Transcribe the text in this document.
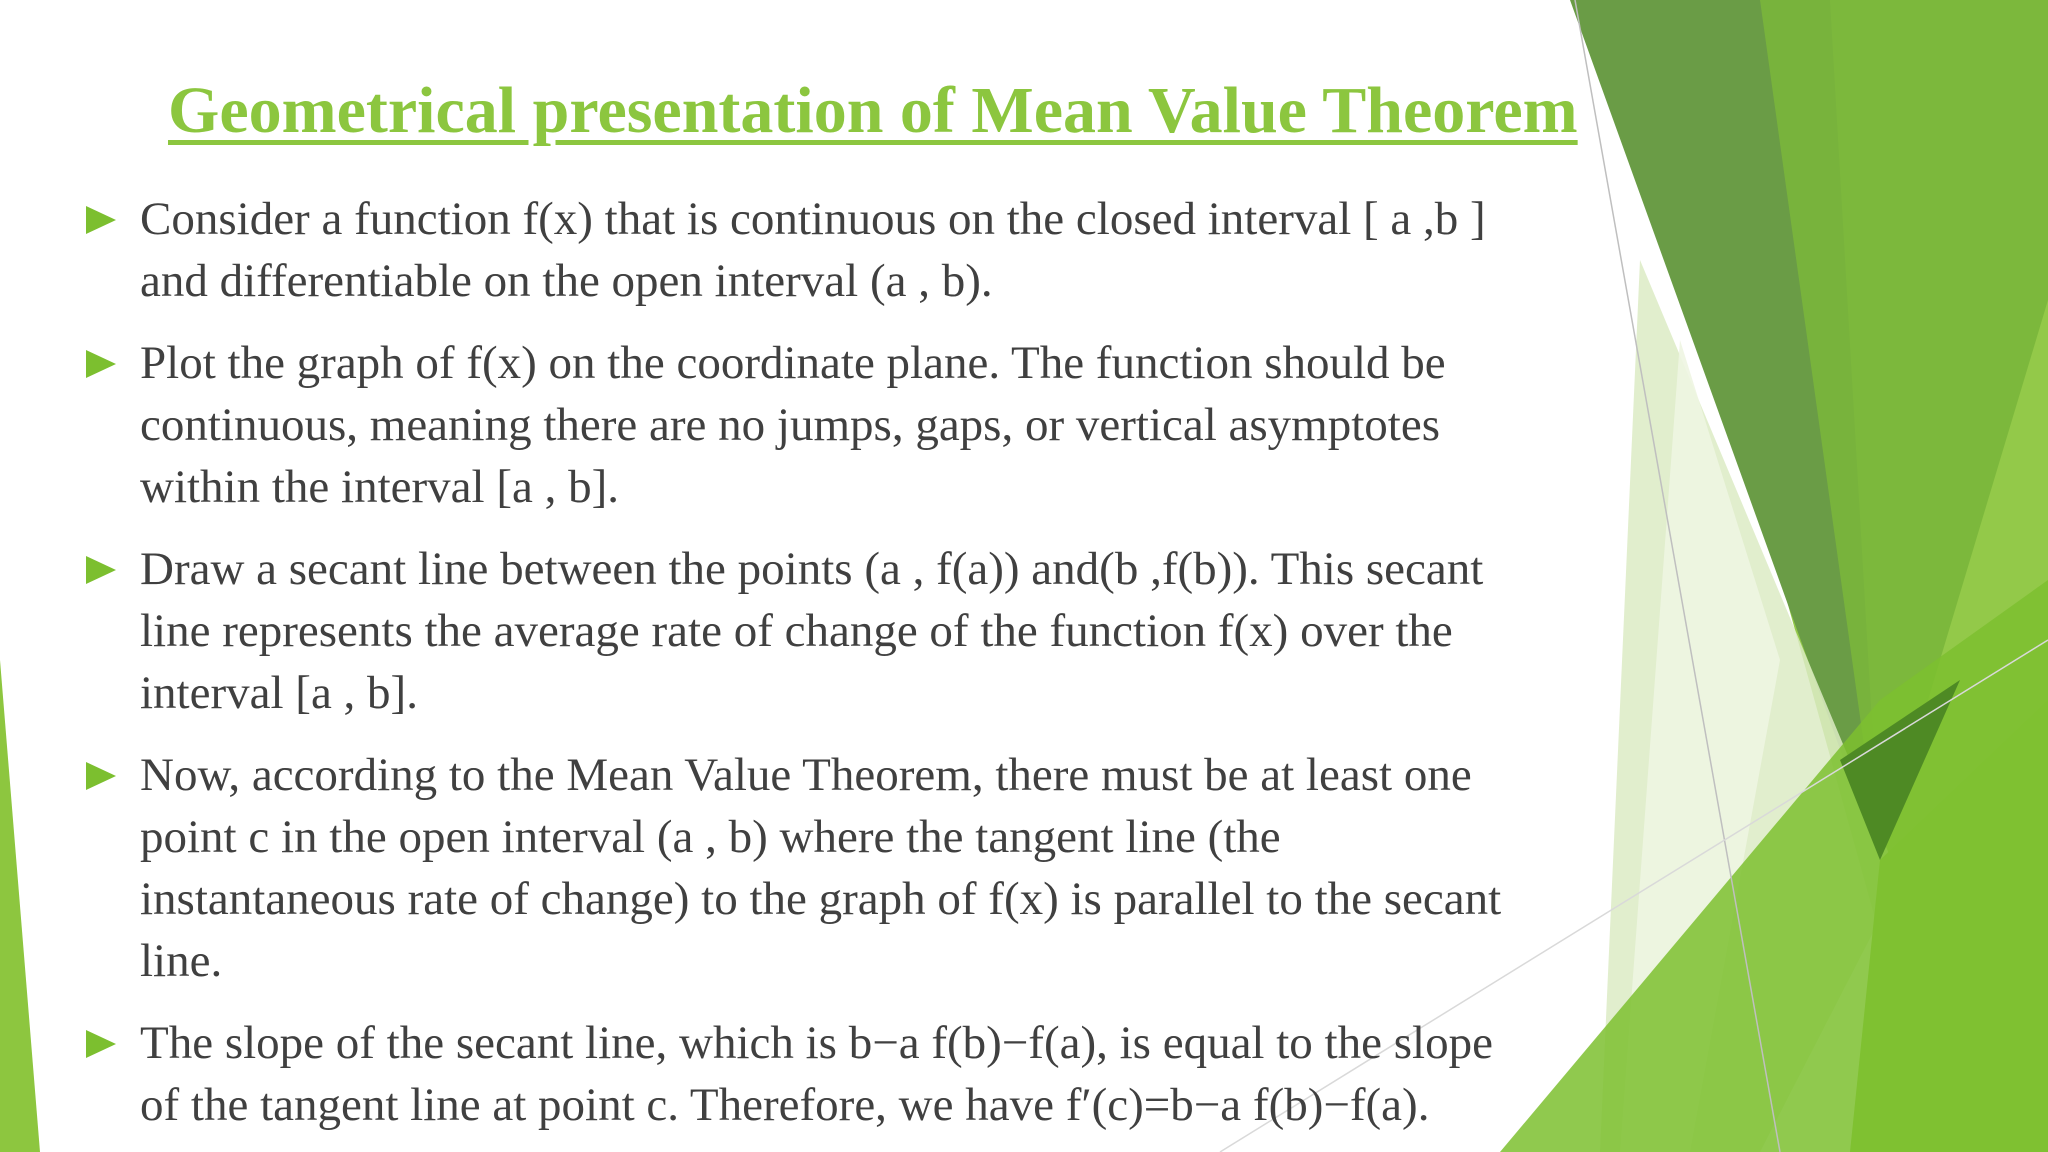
Geometrical presentation of Mean Value Theorem
Consider a function f(x) that is continuous on the closed interval [ a ,b ]
and differentiable on the open interval (a , b).
Plot the graph of f(x) on the coordinate plane. The function should be
continuous, meaning there are no jumps, gaps, or vertical asymptotes
within the interval [a , b].
Draw a secant line between the points (a , f(a)) and(b ,f(b)). This secant
line represents the average rate of change of the function f(x) over the
interval [a , b].
Now, according to the Mean Value Theorem, there must be at least one
point c in the open interval (a , b) where the tangent line (the
instantaneous rate of change) to the graph of f(x) is parallel to the secant
line.
The slope of the secant line, which is b−a f(b)−f(a), is equal to the slope
of the tangent line at point c. Therefore, we have f′(c)=b−a f(b)−f(a).
